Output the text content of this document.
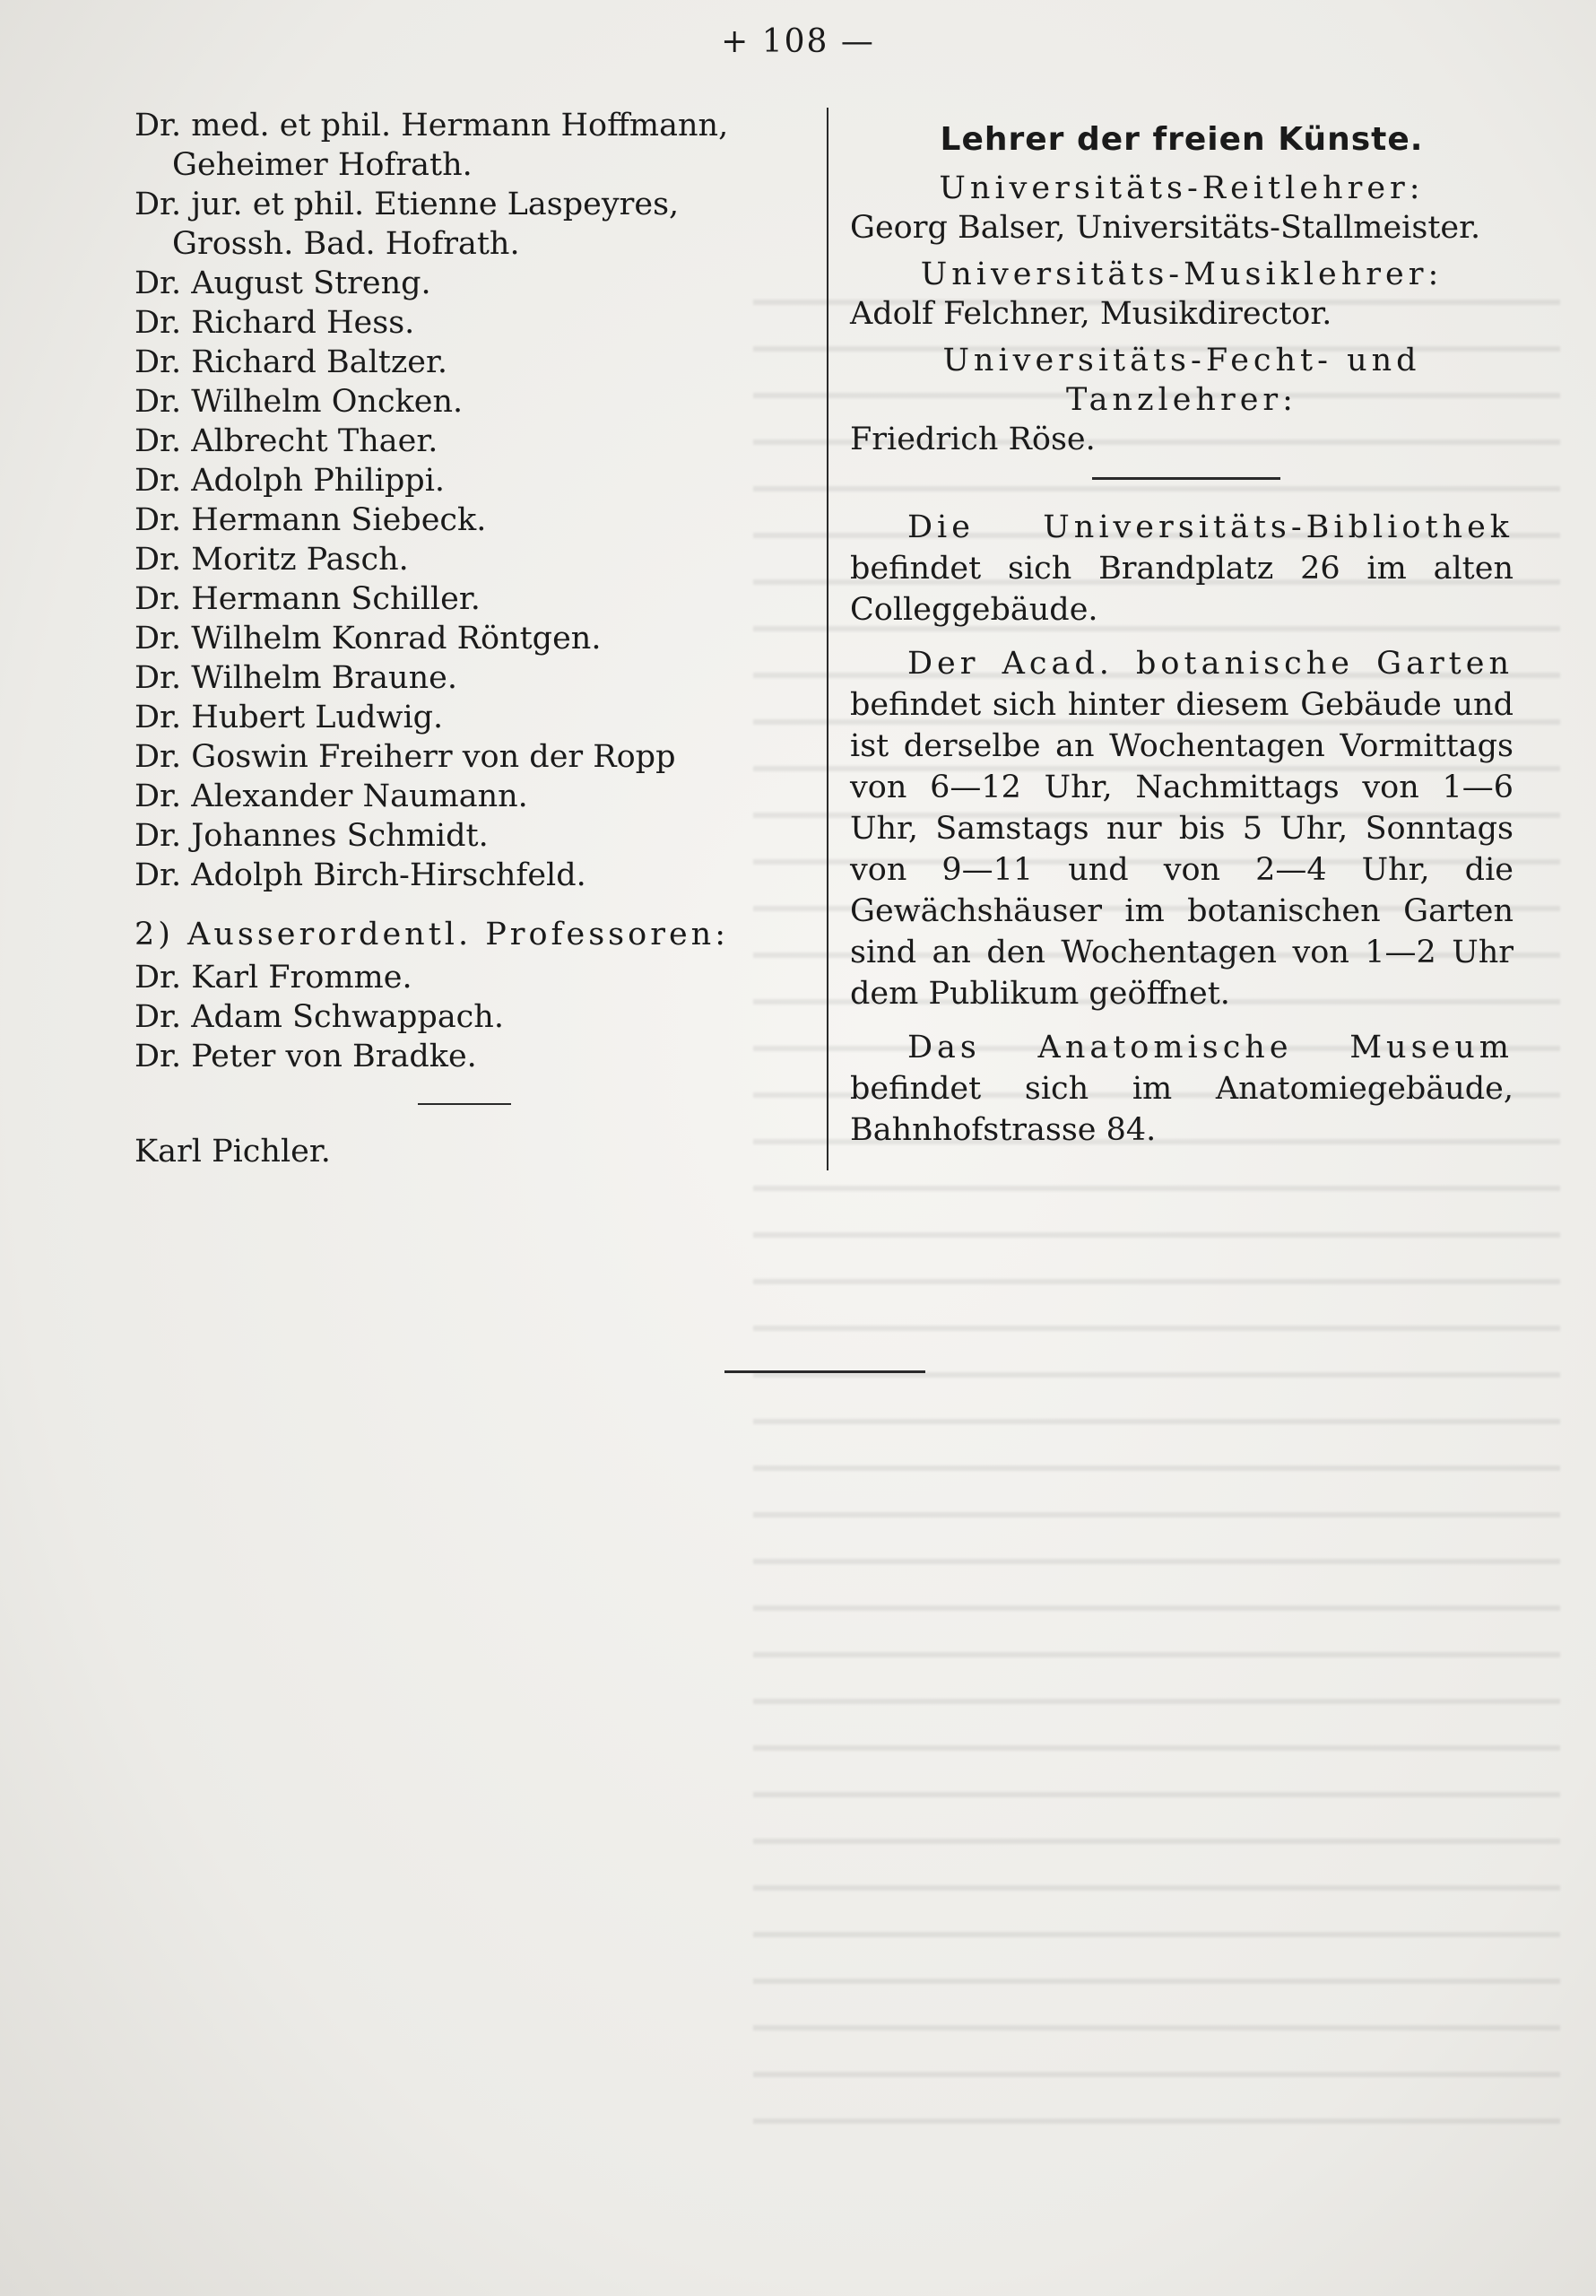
+ 108 —

Dr. med. et phil. Hermann Hoffmann,

Geheimer Hofrath.

Dr. jur. et phil. Etienne Laspeyres,

Grossh. Bad. Hofrath.

Dr. August Streng.

Dr. Richard Hess.

Dr. Richard Baltzer.

Dr. Wilhelm Oncken.

Dr. Albrecht Thaer.

Dr. Adolph Philippi.

Dr. Hermann Siebeck.

Dr. Moritz Pasch.

Dr. Hermann Schiller.

Dr. Wilhelm Konrad Röntgen.

Dr. Wilhelm Braune.

Dr. Hubert Ludwig.

Dr. Goswin Freiherr von der Ropp

Dr. Alexander Naumann.

Dr. Johannes Schmidt.

Dr. Adolph Birch-Hirschfeld.

2) Ausserordentl. Professoren:

Dr. Karl Fromme.

Dr. Adam Schwappach.

Dr. Peter von Bradke.

Karl Pichler.

Lehrer der freien Künste.
Universitäts-Reitlehrer:

Georg Balser, Universitäts-Stallmeister.

Universitäts-Musiklehrer:

Adolf Felchner, Musikdirector.

Universitäts-Fecht- und
Tanzlehrer:

Friedrich Röse.

Die Universitäts-Bibliothek befindet sich Brandplatz 26 im alten Colleggebäude.

Der Acad. botanische Garten befindet sich hinter diesem Gebäude und ist derselbe an Wochentagen Vormittags von 6—12 Uhr, Nachmittags von 1—6 Uhr, Samstags nur bis 5 Uhr, Sonntags von 9—11 und von 2—4 Uhr, die Gewächshäuser im botanischen Garten sind an den Wochentagen von 1—2 Uhr dem Publikum geöffnet.

Das Anatomische Museum befindet sich im Anatomiegebäude, Bahnhofstrasse 84.
